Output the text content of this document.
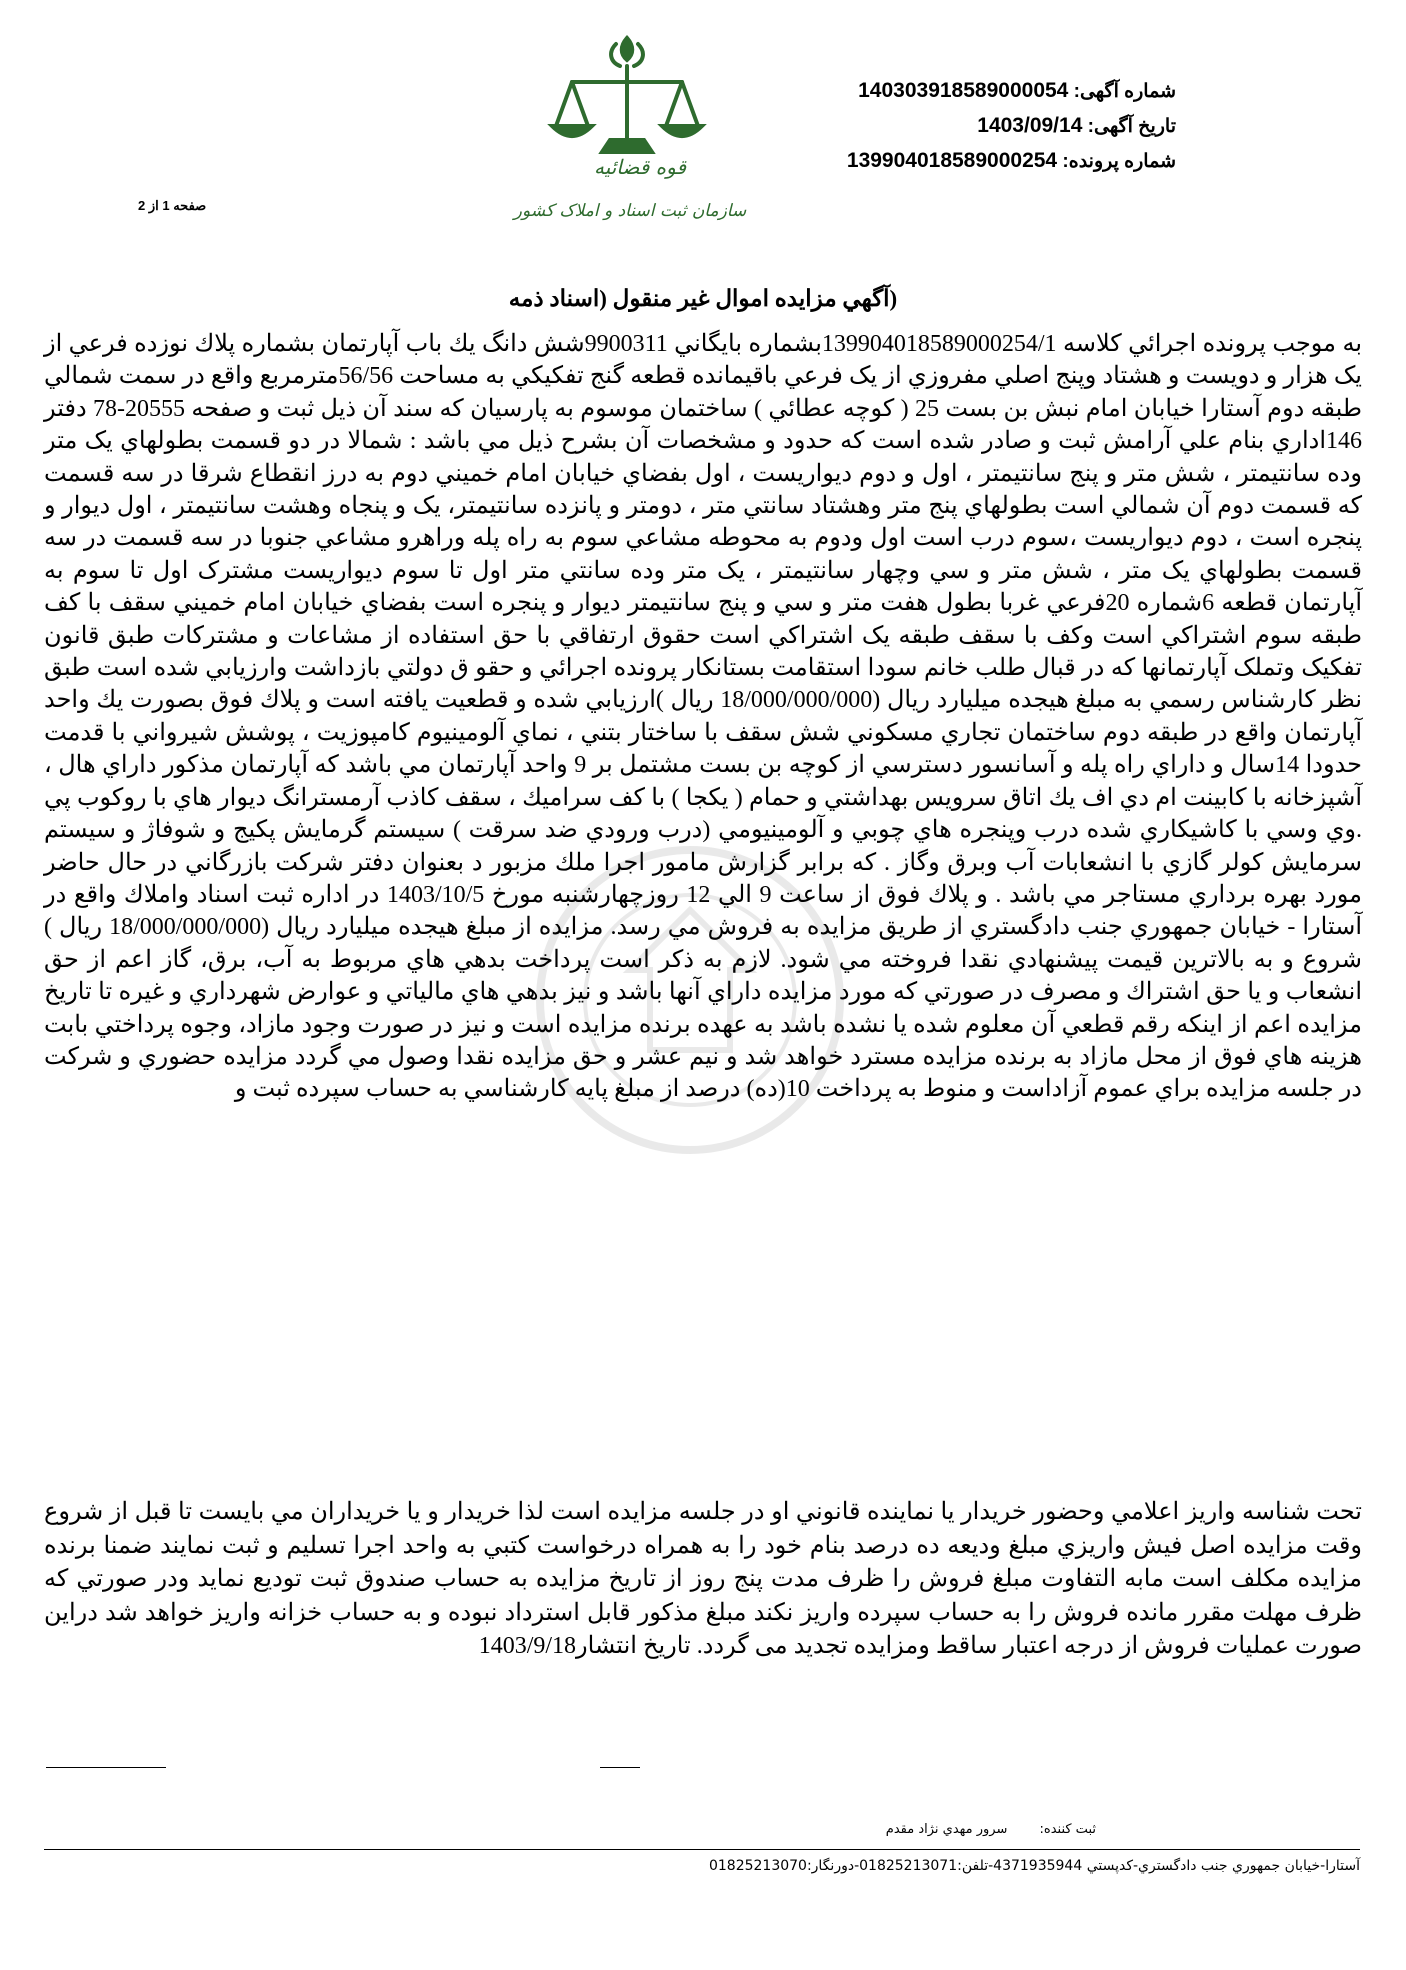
شماره آگهی: 140303918589000054
تاریخ آگهی: 1403/09/14
شماره پرونده: 139904018589000254
صفحه 1 از 2
قوه قضائیه
سازمان ثبت اسناد و املاک کشور
(آگهي مزايده اموال غير منقول (اسناد ذمه

به موجب پرونده اجرائي كلاسه 139904018589000254/1بشماره بايگاني 9900311شش دانگ يك باب آپارتمان بشماره پلاك نوزده فرعي از يک هزار و دويست و هشتاد وپنج اصلي مفروزي از يک فرعي باقيمانده قطعه گنج تفكيكي به مساحت 56/56متر‌مربع واقع در سمت شمالي طبقه دوم آستارا خيابان امام نبش بن بست 25 ( كوچه عطائي ) ساختمان موسوم به پارسيان كه سند آن ذيل ثبت و صفحه 20555-78 دفتر 146اداري بنام علي آرامش ثبت و صادر شده است كه حدود و مشخصات آن بشرح ذيل مي باشد : شمالا در دو قسمت بطولهاي يک متر وده سانتيمتر ، شش متر و پنج سانتيمتر ، اول و دوم ديواريست ، اول بفضاي خيابان امام خميني دوم به درز انقطاع شرقا در سه قسمت که قسمت دوم آن شمالي است بطولهاي پنج متر وهشتاد سانتي متر ، دومتر و پانزده سانتيمتر، يک و پنجاه وهشت سانتيمتر ، اول ديوار و پنجره است ، دوم ديواريست ،سوم درب است اول ودوم به محوطه مشاعي سوم به راه پله وراهرو مشاعي جنوبا در سه قسمت در سه قسمت بطولهاي يک متر ، شش متر و سي وچهار سانتيمتر ، يک متر وده سانتي متر اول تا سوم ديواريست مشترک اول تا سوم به آپارتمان قطعه 6شماره 20فرعي غربا بطول هفت متر و سي و پنج سانتيمتر ديوار و پنجره است بفضاي خيابان امام خميني سقف با كف طبقه سوم اشتراكي است وكف با سقف طبقه يک اشتراكي است حقوق ارتفاقي با حق استفاده از مشاعات و مشتركات طبق قانون تفکيک وتملک آپارتمانها كه در قبال طلب خانم سودا استقامت بستانكار پرونده اجرائي و حقو ق دولتي بازداشت وارزيابي شده است طبق نظر كارشناس رسمي به مبلغ هيجده ميليارد ريال (18/000/000/000 ريال )ارزيابي شده و قطعيت يافته است و پلاك فوق بصورت يك واحد آپارتمان واقع در طبقه دوم ساختمان تجاري مسكوني شش سقف با ساختار بتني ، نماي آلومينيوم كامپوزيت ، پوشش شيرواني با قدمت حدودا 14سال و داراي راه پله و آسانسور دسترسي از كوچه بن بست مشتمل بر 9 واحد آپارتمان مي باشد كه آپارتمان مذكور داراي هال ، آشپزخانه با كابينت ام دي اف يك اتاق سرويس بهداشتي و حمام ( يكجا ) با كف سراميك ، سقف كاذب آرمسترانگ ديوار هاي با روكوب پي .وي وسي با كاشيكاري شده درب وپنجره هاي چوبي و آلومينيومي (درب ورودي ضد سرقت ) سيستم گرمايش پكيج و شوفاژ و سيستم سرمايش كولر گازي با انشعابات آب وبرق وگاز . كه برابر گزارش مامور اجرا ملك مزبور د بعنوان دفتر شركت بازرگاني در حال حاضر مورد بهره برداري مستاجر مي باشد . و پلاك فوق از ساعت 9 الي 12 روزچهارشنبه مورخ 1403/10/5 در اداره ثبت اسناد واملاك واقع در آستارا - خيابان جمهوري جنب دادگستري از طريق مزايده به فروش مي رسد. مزايده از مبلغ هيجده ميليارد ريال (18/000/000/000 ريال ) شروع و به بالاترين قيمت پيشنهادي نقدا فروخته مي شود. لازم به ذكر است پرداخت بدهي هاي مربوط به آب، برق، گاز اعم از حق انشعاب و يا حق اشتراك و مصرف در صورتي كه مورد مزايده داراي آنها باشد و نيز بدهي هاي مالياتي و عوارض شهرداري و غيره تا تاريخ مزايده اعم از اينكه رقم قطعي آن معلوم شده يا نشده باشد به عهده برنده مزايده است و نيز در صورت وجود مازاد، وجوه پرداختي بابت هزينه هاي فوق از محل مازاد به برنده مزايده مسترد خواهد شد و نيم عشر و حق مزايده نقدا وصول مي گردد مزايده حضوري و شركت در جلسه مزايده براي عموم آزاداست و منوط به پرداخت 10(ده) درصد از مبلغ پايه كارشناسي به حساب سپرده ثبت و

تحت شناسه واريز اعلامي وحضور خريدار يا نماينده قانوني او در جلسه مزايده است لذا خريدار و يا خريداران مي بايست تا قبل از شروع وقت مزايده اصل فيش واريزي مبلغ وديعه ده درصد بنام خود را به همراه درخواست كتبي به واحد اجرا تسليم و ثبت نمايند ضمنا برنده مزايده مكلف است مابه التفاوت مبلغ فروش را ظرف مدت پنج روز از تاريخ مزايده به حساب صندوق ثبت توديع نمايد ودر صورتي كه ظرف مهلت مقرر مانده فروش را به حساب سپرده واريز نكند مبلغ مذكور قابل استرداد نبوده و به حساب خزانه واريز خواهد شد دراين صورت عمليات فروش از درجه اعتبار ساقط ومزايده تجديد مى گردد. تاريخ انتشار1403/9/18

ثبت كننده: سرور مهدي نژاد مقدم
آستارا-خيابان جمهوري جنب دادگستري-كدپستي 4371935944-تلفن:01825213071-دورنگار:01825213070
